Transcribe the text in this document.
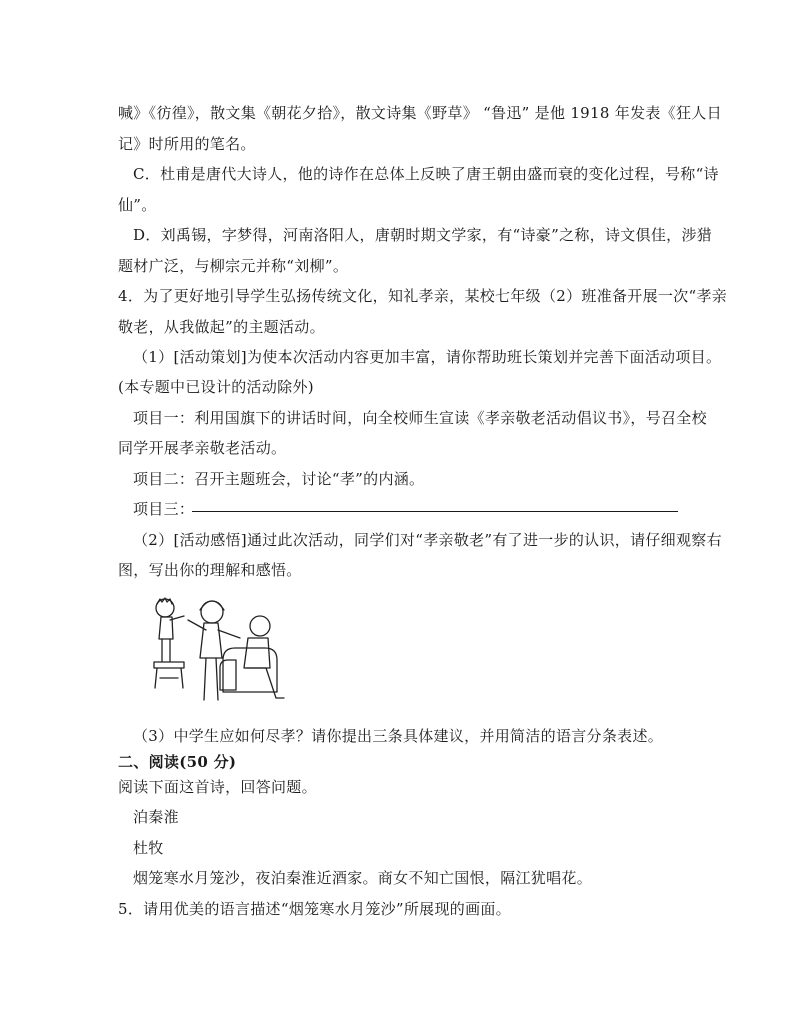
喊》《彷徨》，散文集《朝花夕拾》，散文诗集《野草》 “鲁迅” 是他 1918 年发表《狂人日
记》时所用的笔名。
C．杜甫是唐代大诗人，他的诗作在总体上反映了唐王朝由盛而衰的变化过程，号称“诗
仙”。
D．刘禹锡，字梦得，河南洛阳人，唐朝时期文学家，有“诗豪”之称，诗文俱佳，涉猎
题材广泛，与柳宗元并称“刘柳”。
4．为了更好地引导学生弘扬传统文化，知礼孝亲，某校七年级（2）班准备开展一次“孝亲
敬老，从我做起”的主题活动。
（1）[活动策划]为使本次活动内容更加丰富，请你帮助班长策划并完善下面活动项目。
(本专题中已设计的活动除外)
项目一：利用国旗下的讲话时间，向全校师生宣读《孝亲敬老活动倡议书》，号召全校
同学开展孝亲敬老活动。
项目二：召开主题班会，讨论“孝”的内涵。
项目三：
（2）[活动感悟]通过此次活动，同学们对“孝亲敬老”有了进一步的认识，请仔细观察右
图，写出你的理解和感悟。
（3）中学生应如何尽孝？请你提出三条具体建议，并用简洁的语言分条表述。
二、阅读(50 分)
阅读下面这首诗，回答问题。
泊秦淮
杜牧
烟笼寒水月笼沙，夜泊秦淮近酒家。商女不知亡国恨，隔江犹唱花。
5．请用优美的语言描述“烟笼寒水月笼沙”所展现的画面。
